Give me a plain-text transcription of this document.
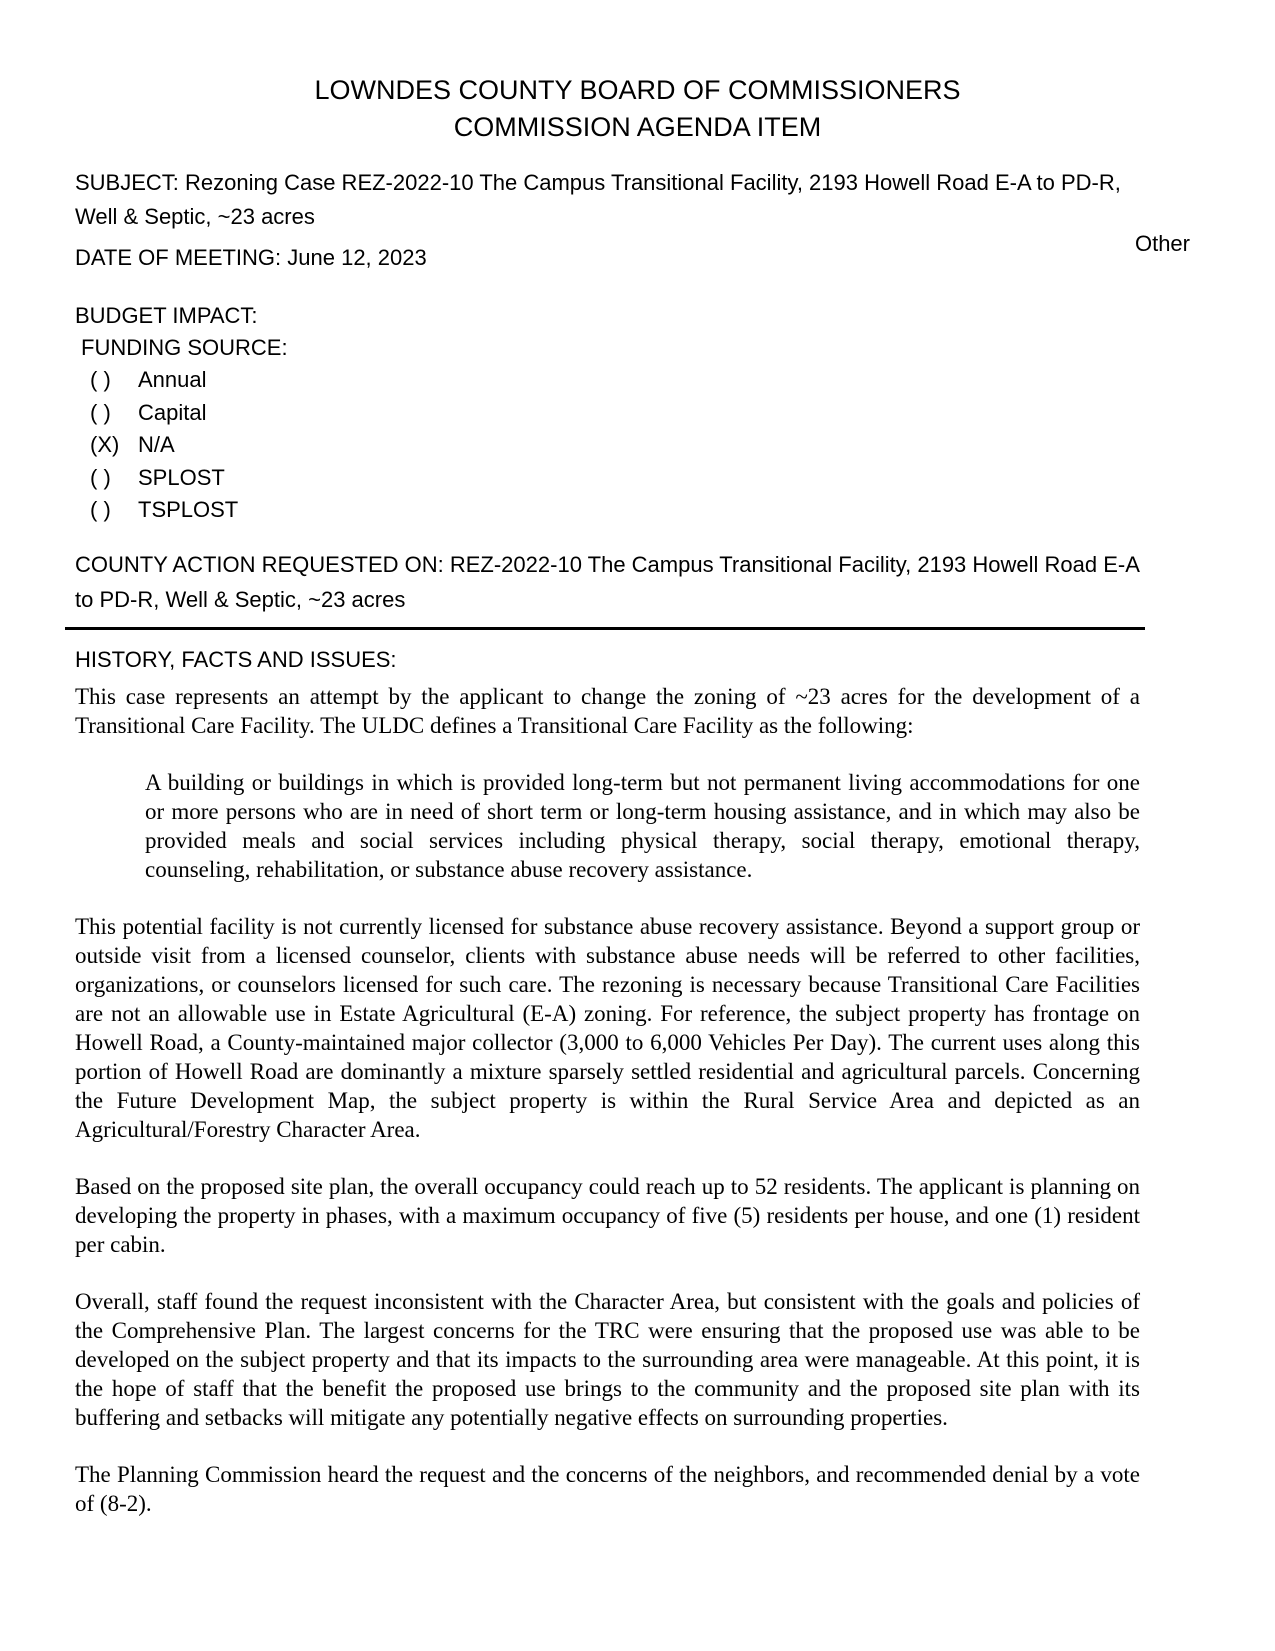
LOWNDES COUNTY BOARD OF COMMISSIONERS
COMMISSION AGENDA ITEM
SUBJECT: Rezoning Case REZ-2022-10 The Campus Transitional Facility, 2193 Howell Road E-A to PD-R, Well & Septic, ~23 acres
DATE OF MEETING: June 12, 2023
Other
BUDGET IMPACT:
FUNDING SOURCE:
( )	Annual
( )	Capital
(X) N/A
( )	SPLOST
( )	TSPLOST
COUNTY ACTION REQUESTED ON: REZ-2022-10 The Campus Transitional Facility, 2193 Howell Road E-A to PD-R, Well & Septic, ~23 acres
HISTORY, FACTS AND ISSUES:

This case represents an attempt by the applicant to change the zoning of ~23 acres for the development of a Transitional Care Facility. The ULDC defines a Transitional Care Facility as the following:

A building or buildings in which is provided long-term but not permanent living accommodations for one or more persons who are in need of short term or long-term housing assistance, and in which may also be provided meals and social services including physical therapy, social therapy, emotional therapy, counseling, rehabilitation, or substance abuse recovery assistance.

This potential facility is not currently licensed for substance abuse recovery assistance. Beyond a support group or outside visit from a licensed counselor, clients with substance abuse needs will be referred to other facilities, organizations, or counselors licensed for such care. The rezoning is necessary because Transitional Care Facilities are not an allowable use in Estate Agricultural (E-A) zoning. For reference, the subject property has frontage on Howell Road, a County-maintained major collector (3,000 to 6,000 Vehicles Per Day). The current uses along this portion of Howell Road are dominantly a mixture sparsely settled residential and agricultural parcels. Concerning the Future Development Map, the subject property is within the Rural Service Area and depicted as an Agricultural/Forestry Character Area.

Based on the proposed site plan, the overall occupancy could reach up to 52 residents. The applicant is planning on developing the property in phases, with a maximum occupancy of five (5) residents per house, and one (1) resident per cabin.

Overall, staff found the request inconsistent with the Character Area, but consistent with the goals and policies of the Comprehensive Plan. The largest concerns for the TRC were ensuring that the proposed use was able to be developed on the subject property and that its impacts to the surrounding area were manageable. At this point, it is the hope of staff that the benefit the proposed use brings to the community and the proposed site plan with its buffering and setbacks will mitigate any potentially negative effects on surrounding properties.

The Planning Commission heard the request and the concerns of the neighbors, and recommended denial by a vote of (8-2).
